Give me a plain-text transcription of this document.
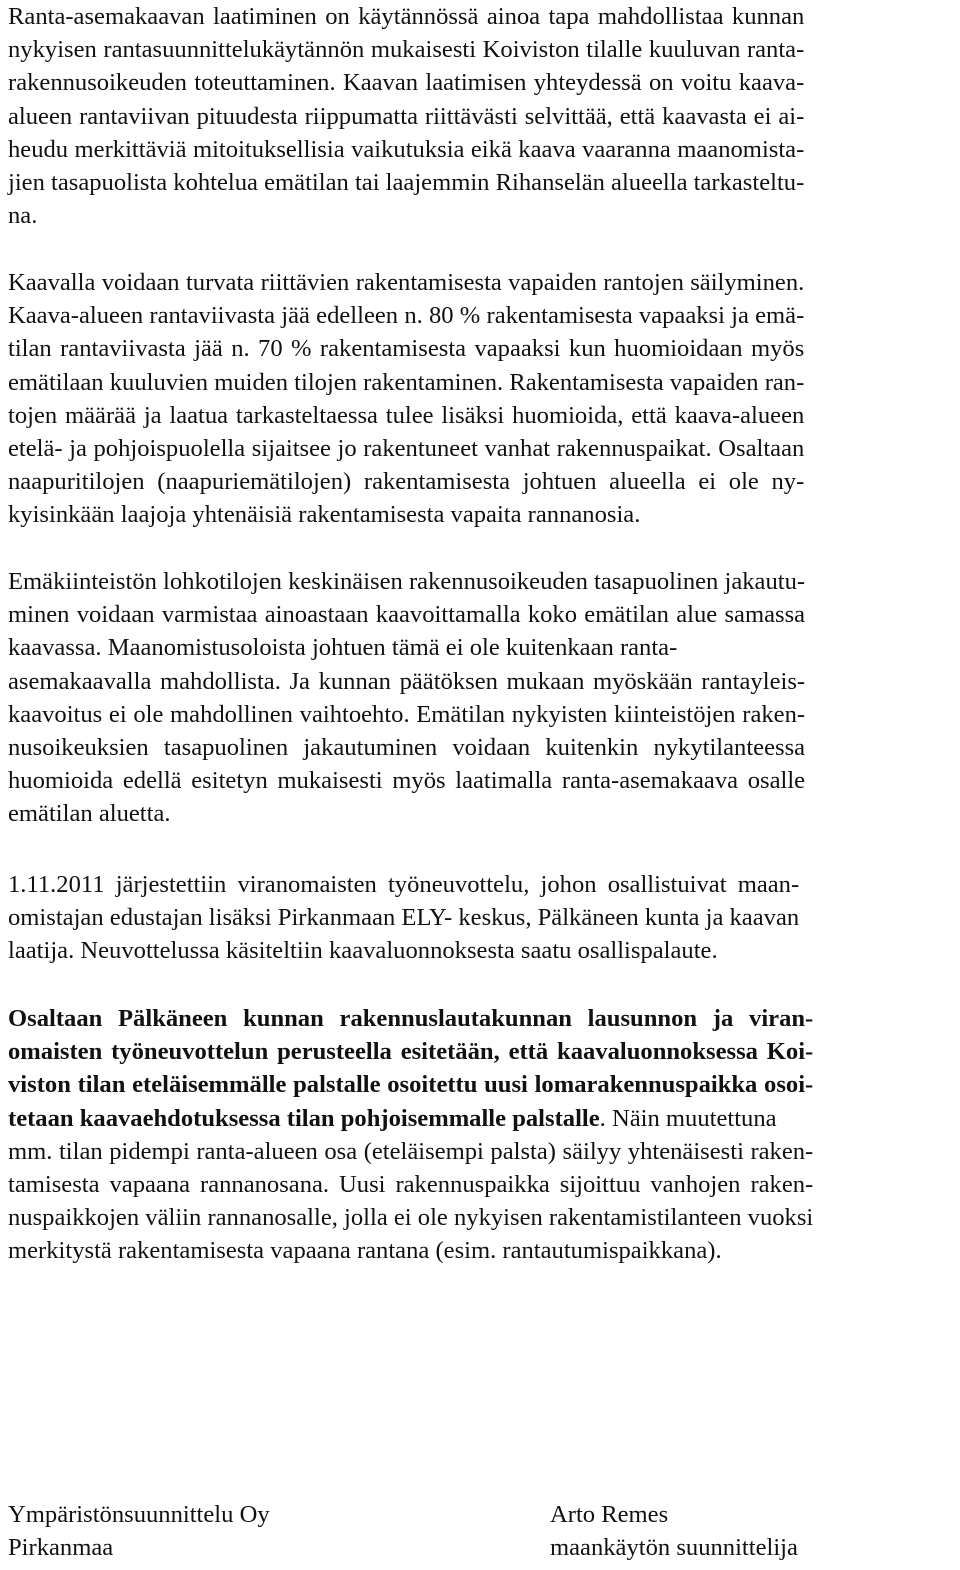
Ranta-asemakaavan laatiminen on käytännössä ainoa tapa mahdollistaa kunnan
nykyisen rantasuunnittelukäytännön mukaisesti Koiviston tilalle kuuluvan ranta-
rakennusoikeuden toteuttaminen. Kaavan laatimisen yhteydessä on voitu kaava-
alueen rantaviivan pituudesta riippumatta riittävästi selvittää, että kaavasta ei ai-
heudu merkittäviä mitoituksellisia vaikutuksia eikä kaava vaaranna maanomista-
jien tasapuolista kohtelua emätilan tai laajemmin Rihanselän alueella tarkasteltu-
na.

Kaavalla voidaan turvata riittävien rakentamisesta vapaiden rantojen säilyminen.
Kaava-alueen rantaviivasta jää edelleen n. 80 % rakentamisesta vapaaksi ja emä-
tilan rantaviivasta jää n. 70 % rakentamisesta vapaaksi kun huomioidaan myös
emätilaan kuuluvien muiden tilojen rakentaminen. Rakentamisesta vapaiden ran-
tojen määrää ja laatua tarkasteltaessa tulee lisäksi huomioida, että kaava-alueen
etelä- ja pohjoispuolella sijaitsee jo rakentuneet vanhat rakennuspaikat. Osaltaan
naapuritilojen (naapuriemätilojen) rakentamisesta johtuen alueella ei ole ny-
kyisinkään laajoja yhtenäisiä rakentamisesta vapaita rannanosia.

Emäkiinteistön lohkotilojen keskinäisen rakennusoikeuden tasapuolinen jakautu-
minen voidaan varmistaa ainoastaan kaavoittamalla koko emätilan alue samassa
kaavassa. Maanomistusoloista johtuen tämä ei ole kuitenkaan ranta-
asemakaavalla mahdollista. Ja kunnan päätöksen mukaan myöskään rantayleis-
kaavoitus ei ole mahdollinen vaihtoehto. Emätilan nykyisten kiinteistöjen raken-
nusoikeuksien tasapuolinen jakautuminen voidaan kuitenkin nykytilanteessa
huomioida edellä esitetyn mukaisesti myös laatimalla ranta-asemakaava osalle
emätilan aluetta.

1.11.2011 järjestettiin viranomaisten työneuvottelu, johon osallistuivat maan-
omistajan edustajan lisäksi Pirkanmaan ELY- keskus, Pälkäneen kunta ja kaavan
laatija. Neuvottelussa käsiteltiin kaavaluonnoksesta saatu osallispalaute.

Osaltaan Pälkäneen kunnan rakennuslautakunnan lausunnon ja viran-
omaisten työneuvottelun perusteella esitetään, että kaavaluonnoksessa Koi-
viston tilan eteläisemmälle palstalle osoitettu uusi lomarakennuspaikka osoi-
tetaan kaavaehdotuksessa tilan pohjoisemmalle palstalle. Näin muutettuna
mm. tilan pidempi ranta-alueen osa (eteläisempi palsta) säilyy yhtenäisesti raken-
tamisesta vapaana rannanosana. Uusi rakennuspaikka sijoittuu vanhojen raken-
nuspaikkojen väliin rannanosalle, jolla ei ole nykyisen rakentamistilanteen vuoksi
merkitystä rakentamisesta vapaana rantana (esim. rantautumispaikkana).

Ympäristönsuunnittelu Oy
Pirkanmaa
Arto Remes
maankäytön suunnittelija
